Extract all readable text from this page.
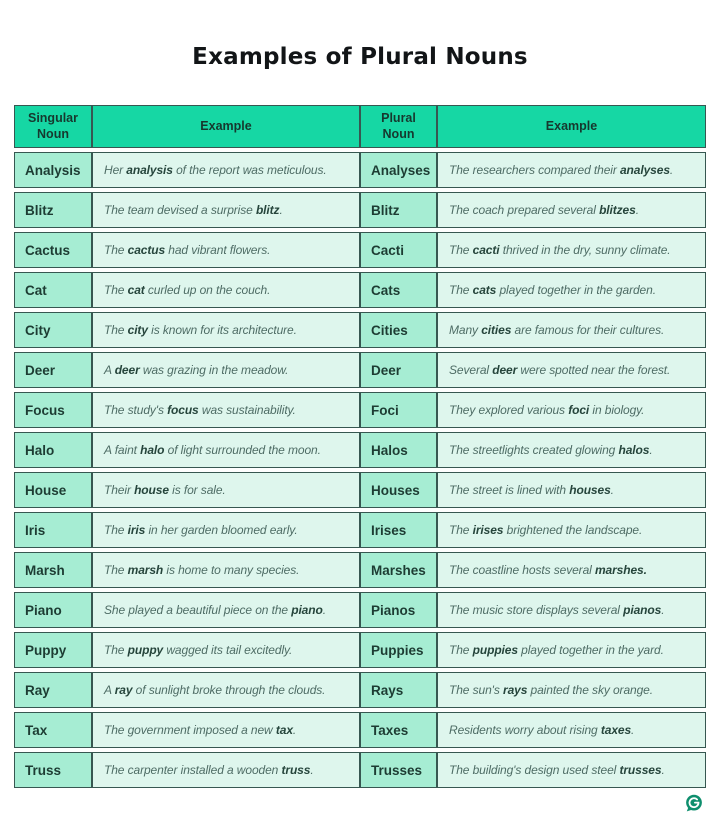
Examples of Plural Nouns
Singular Noun	Example	Plural Noun	Example
Analysis	Her analysis of the report was meticulous.	Analyses	The researchers compared their analyses.
Blitz	The team devised a surprise blitz.	Blitz	The coach prepared several blitzes.
Cactus	The cactus had vibrant flowers.	Cacti	The cacti thrived in the dry, sunny climate.
Cat	The cat curled up on the couch.	Cats	The cats played together in the garden.
City	The city is known for its architecture.	Cities	Many cities are famous for their cultures.
Deer	A deer was grazing in the meadow.	Deer	Several deer were spotted near the forest.
Focus	The study's focus was sustainability.	Foci	They explored various foci in biology.
Halo	A faint halo of light surrounded the moon.	Halos	The streetlights created glowing halos.
House	Their house is for sale.	Houses	The street is lined with houses.
Iris	The iris in her garden bloomed early.	Irises	The irises brightened the landscape.
Marsh	The marsh is home to many species.	Marshes	The coastline hosts several marshes.
Piano	She played a beautiful piece on the piano.	Pianos	The music store displays several pianos.
Puppy	The puppy wagged its tail excitedly.	Puppies	The puppies played together in the yard.
Ray	A ray of sunlight broke through the clouds.	Rays	The sun's rays painted the sky orange.
Tax	The government imposed a new tax.	Taxes	Residents worry about rising taxes.
Truss	The carpenter installed a wooden truss.	Trusses	The building's design used steel trusses.
